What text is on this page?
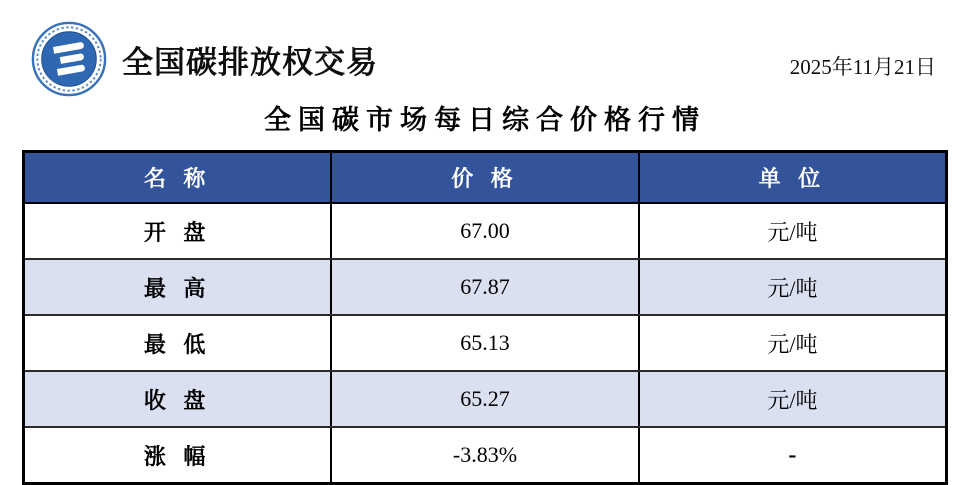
全国碳排放权交易	2025年11月21日
全国碳市场每日综合价格行情
名 称	价 格	单 位
开 盘	67.00	元/吨
最 高	67.87	元/吨
最 低	65.13	元/吨
收 盘	65.27	元/吨
涨 幅	-3.83%	-
